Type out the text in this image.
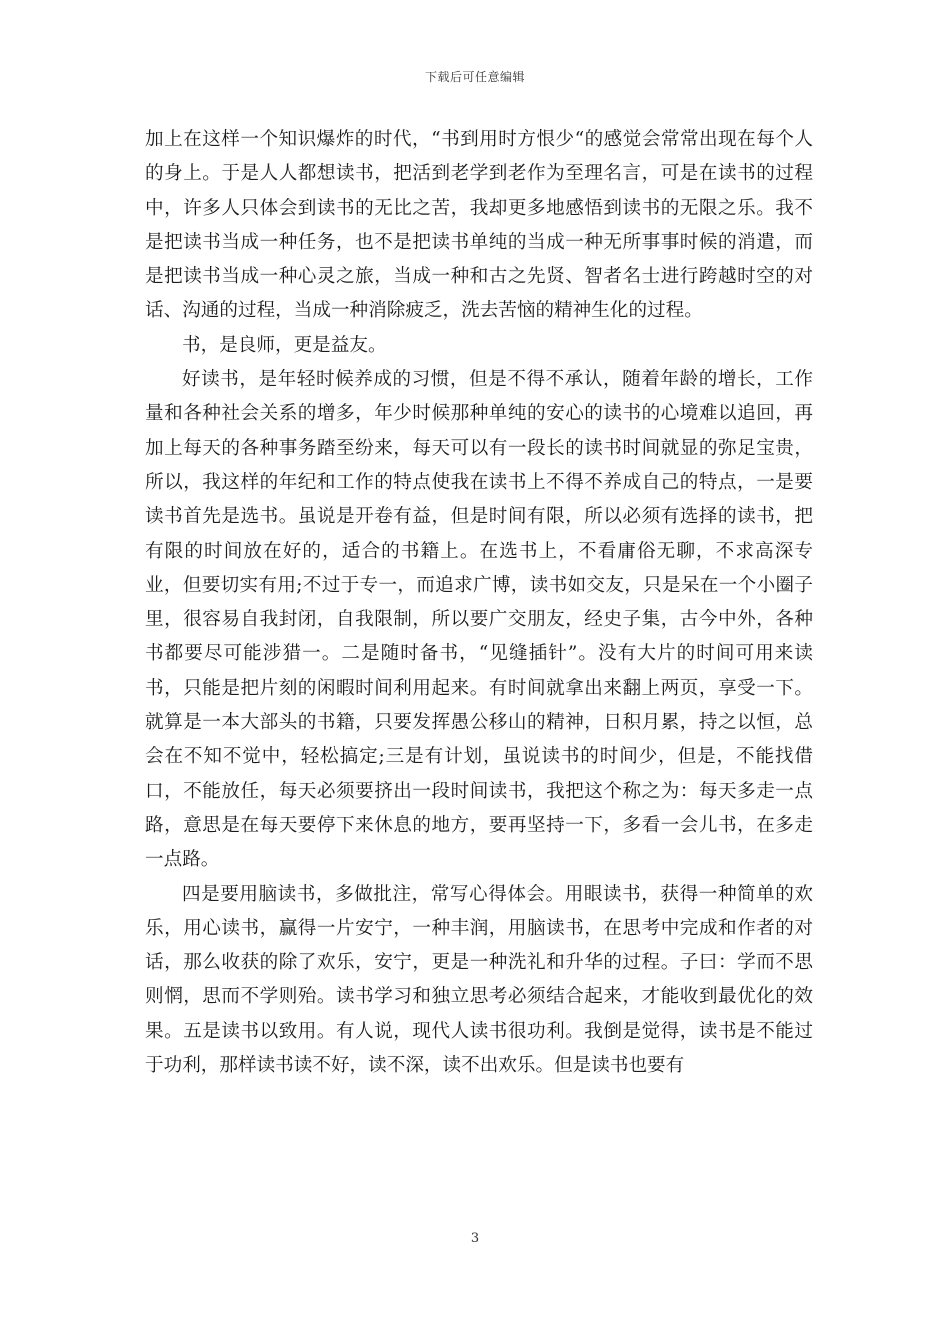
下载后可任意编辑

加上在这样一个知识爆炸的时代，“书到用时方恨少“的感觉会常常出现在每个人的身上。于是人人都想读书，把活到老学到老作为至理名言，可是在读书的过程中，许多人只体会到读书的无比之苦，我却更多地感悟到读书的无限之乐。我不是把读书当成一种任务，也不是把读书单纯的当成一种无所事事时候的消遣，而是把读书当成一种心灵之旅，当成一种和古之先贤、智者名士进行跨越时空的对话、沟通的过程，当成一种消除疲乏，洗去苦恼的精神生化的过程。

书，是良师，更是益友。

好读书，是年轻时候养成的习惯，但是不得不承认，随着年龄的增长，工作量和各种社会关系的增多，年少时候那种单纯的安心的读书的心境难以追回，再加上每天的各种事务踏至纷来，每天可以有一段长的读书时间就显的弥足宝贵，所以，我这样的年纪和工作的特点使我在读书上不得不养成自己的特点，一是要读书首先是选书。虽说是开卷有益，但是时间有限，所以必须有选择的读书，把有限的时间放在好的，适合的书籍上。在选书上，不看庸俗无聊，不求高深专业，但要切实有用;不过于专一，而追求广博，读书如交友，只是呆在一个小圈子里，很容易自我封闭，自我限制，所以要广交朋友，经史子集，古今中外，各种书都要尽可能涉猎一。二是随时备书，“见缝插针”。没有大片的时间可用来读书，只能是把片刻的闲暇时间利用起来。有时间就拿出来翻上两页，享受一下。就算是一本大部头的书籍，只要发挥愚公移山的精神，日积月累，持之以恒，总会在不知不觉中，轻松搞定;三是有计划，虽说读书的时间少，但是，不能找借口，不能放任，每天必须要挤出一段时间读书，我把这个称之为：每天多走一点路，意思是在每天要停下来休息的地方，要再坚持一下，多看一会儿书，在多走一点路。

四是要用脑读书，多做批注，常写心得体会。用眼读书，获得一种简单的欢乐，用心读书，赢得一片安宁，一种丰润，用脑读书，在思考中完成和作者的对话，那么收获的除了欢乐，安宁，更是一种洗礼和升华的过程。子曰：学而不思则惘，思而不学则殆。读书学习和独立思考必须结合起来，才能收到最优化的效果。五是读书以致用。有人说，现代人读书很功利。我倒是觉得，读书是不能过于功利，那样读书读不好，读不深，读不出欢乐。但是读书也要有

3
